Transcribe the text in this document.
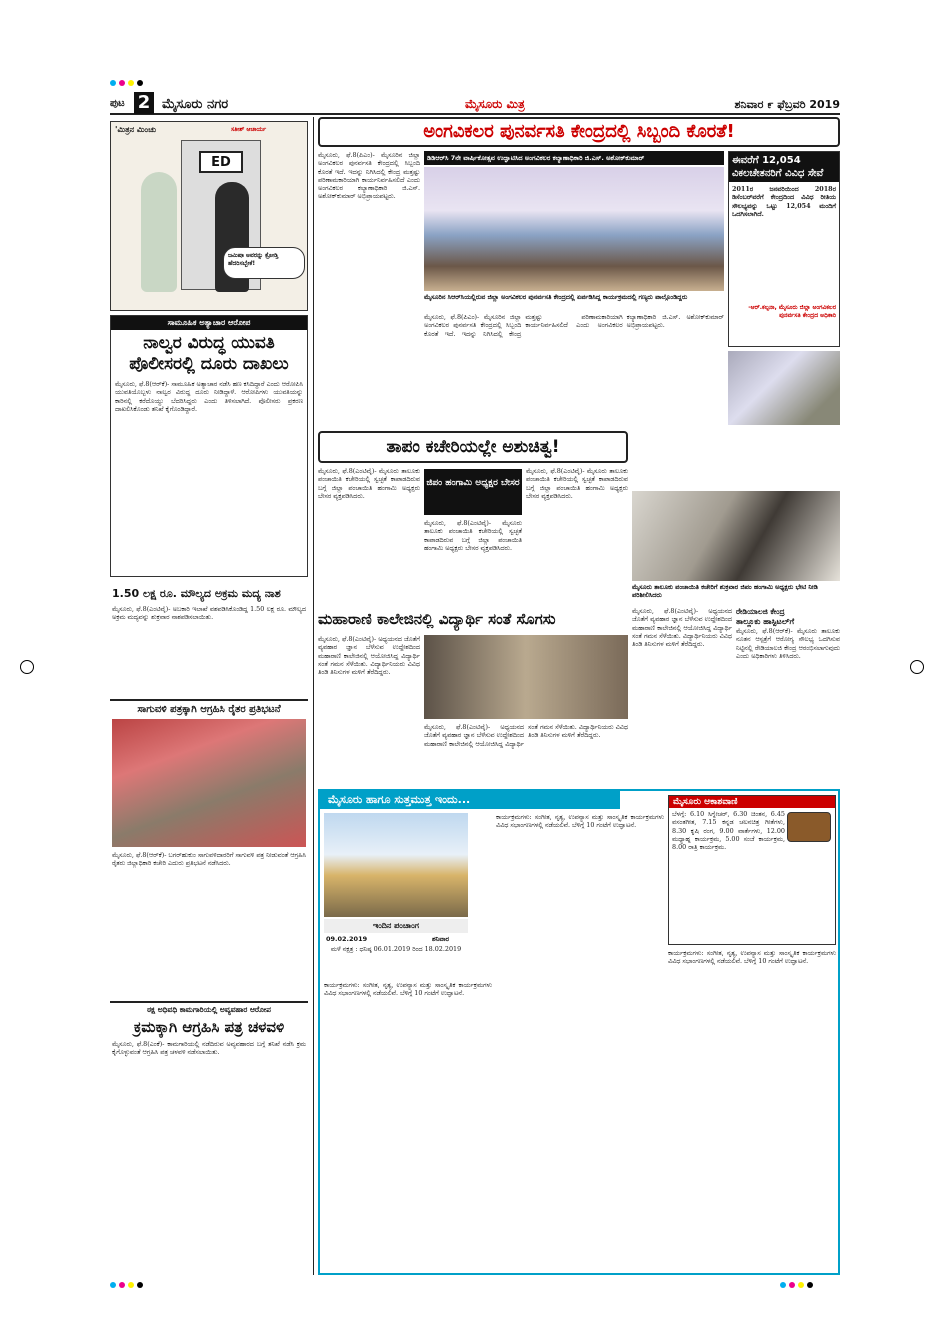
ಪುಟ 2 ಮೈಸೂರು ನಗರ	ಮೈಸೂರು ಮಿತ್ರ	ಶನಿವಾರ ೯ ಫೆಬ್ರವರಿ 2019
'ಮಿತ್ರನ ಮಿಂಚು	ಸತೀಶ್ ಆಚಾರ್ಯ
ED
ಜಮಿಷಾ ಅವರನ್ನು ಕ್ರೋಡ್ತಿ ಹೆದರಿಸಬ್ಬೇಕೆ!
ಸಾಮೂಹಿಕ ಅತ್ಯಾಚಾರ ಆರೋಪ
ನಾಲ್ವರ ವಿರುದ್ಧ ಯುವತಿ ಪೊಲೀಸರಲ್ಲಿ ದೂರು ದಾಖಲು
ಮೈಸೂರು, ಫೆ.8(ಆರ್‌ಕೆ)- ಸಾಮೂಹಿಕ ಅತ್ಯಾಚಾರ ನಡೆಸಿ ಹಣ ಕಸಿದಿದ್ದಾರೆ ಎಂದು ಆರೋಪಿಸಿ ಯುವತಿಯೊಬ್ಬಳು ನಾಲ್ವರ ವಿರುದ್ಧ ದೂರು ನೀಡಿದ್ದಾಳೆ. ಆರೋಪಿಗಳು ಯುವತಿಯನ್ನು ಕಾರಿನಲ್ಲಿ ಕರೆದೊಯ್ದು ಬೆದರಿಸಿದ್ದರು ಎಂದು ತಿಳಿಸಲಾಗಿದೆ. ಪೊಲೀಸರು ಪ್ರಕರಣ ದಾಖಲಿಸಿಕೊಂಡು ತನಿಖೆ ಕೈಗೊಂಡಿದ್ದಾರೆ.
1.50 ಲಕ್ಷ ರೂ. ಮೌಲ್ಯದ ಅಕ್ರಮ ಮದ್ಯ ನಾಶ
ಮೈಸೂರು, ಫೆ.8(ಎಂಟಿವೈ)- ಅಬಕಾರಿ ಇಲಾಖೆ ವಶಪಡಿಸಿಕೊಂಡಿದ್ದ 1.50 ಲಕ್ಷ ರೂ. ಮೌಲ್ಯದ ಅಕ್ರಮ ಮದ್ಯವನ್ನು ಶುಕ್ರವಾರ ನಾಶಪಡಿಸಲಾಯಿತು.
ಸಾಗುವಳಿ ಪತ್ರಕ್ಕಾಗಿ ಆಗ್ರಹಿಸಿ ರೈತರ ಪ್ರತಿಭಟನೆ
ಮೈಸೂರು, ಫೆ.8(ಆರ್‌ಕೆ)- ಬಗರ್‌ಹುಕುಂ ಸಾಗುವಳಿದಾರರಿಗೆ ಸಾಗುವಳಿ ಪತ್ರ ನೀಡುವಂತೆ ಆಗ್ರಹಿಸಿ ರೈತರು ಜಿಲ್ಲಾಧಿಕಾರಿ ಕಚೇರಿ ಎದುರು ಪ್ರತಿಭಟನೆ ನಡೆಸಿದರು.
ಠಕ್ಷ ಅಧಿವಧಿ ಕಾಮಗಾರಿಯಲ್ಲಿ ಅವ್ಯವಹಾರ ಆರೋಪ
ಕ್ರಮಕ್ಕಾಗಿ ಆಗ್ರಹಿಸಿ ಪತ್ರ ಚಳವಳಿ
ಮೈಸೂರು, ಫೆ.8(ಎಂಕೆ)- ಕಾಮಗಾರಿಯಲ್ಲಿ ನಡೆದಿರುವ ಅವ್ಯವಹಾರದ ಬಗ್ಗೆ ತನಿಖೆ ನಡೆಸಿ ಕ್ರಮ ಕೈಗೊಳ್ಳುವಂತೆ ಆಗ್ರಹಿಸಿ ಪತ್ರ ಚಳವಳಿ ನಡೆಸಲಾಯಿತು.
ಅಂಗವಿಕಲರ ಪುನರ್ವಸತಿ ಕೇಂದ್ರದಲ್ಲಿ ಸಿಬ್ಬಂದಿ ಕೊರತೆ!
ಮೈಸೂರು, ಫೆ.8(ಪಿಎಂ)- ಮೈಸೂರಿನ ಜಿಲ್ಲಾ ಅಂಗವಿಕಲರ ಪುನರ್ವಸತಿ ಕೇಂದ್ರದಲ್ಲಿ ಸಿಬ್ಬಂದಿ ಕೊರತೆ ಇದೆ. ಇದನ್ನು ನಿಗಿಸಿದಲ್ಲಿ ಕೇಂದ್ರ ಮತ್ತಷ್ಟು ಪರಿಣಾಮಕಾರಿಯಾಗಿ ಕಾರ್ಯನಿರ್ವಹಿಸಲಿದೆ ಎಂದು ಅಂಗವಿಕಲರ ಕಲ್ಯಾಣಾಧಿಕಾರಿ ಜಿ.ಎಸ್. ಅಶೋಕ್‌ಕುಮಾರ್ ಅಭಿಪ್ರಾಯಪಟ್ಟರು.
ಡಿಡಿಆರ್‌ಸಿ 7ನೇ ವಾರ್ಷಿಕೋತ್ಸವ ಉದ್ಘಾಟಿಸಿದ ಅಂಗವಿಕಲರ ಕಲ್ಯಾಣಾಧಿಕಾರಿ ಜಿ.ಎಸ್. ಅಶೋಕ್‌ಕುಮಾರ್
ಮೈಸೂರಿನ ಸಿಆರ್‌ಸಿಯಲ್ಲಿರುವ ಜಿಲ್ಲಾ ಅಂಗವಿಕಲರ ಪುನರ್ವಸತಿ ಕೇಂದ್ರದಲ್ಲಿ ಏರ್ಪಡಿಸಿದ್ದ ಕಾರ್ಯಕ್ರಮದಲ್ಲಿ ಗಣ್ಯರು ಪಾಲ್ಗೊಂಡಿದ್ದರು
ಮೈಸೂರು, ಫೆ.8(ಪಿಎಂ)- ಮೈಸೂರಿನ ಜಿಲ್ಲಾ ಅಂಗವಿಕಲರ ಪುನರ್ವಸತಿ ಕೇಂದ್ರದಲ್ಲಿ ಸಿಬ್ಬಂದಿ ಕೊರತೆ ಇದೆ. ಇದನ್ನು ನಿಗಿಸಿದಲ್ಲಿ ಕೇಂದ್ರ ಮತ್ತಷ್ಟು ಪರಿಣಾಮಕಾರಿಯಾಗಿ ಕಾರ್ಯನಿರ್ವಹಿಸಲಿದೆ ಎಂದು ಅಂಗವಿಕಲರ ಕಲ್ಯಾಣಾಧಿಕಾರಿ ಜಿ.ಎಸ್. ಅಶೋಕ್‌ಕುಮಾರ್ ಅಭಿಪ್ರಾಯಪಟ್ಟರು.
ಈವರೆಗೆ 12,054 ವಿಕಲಚೇತನರಿಗೆ ವಿವಿಧ ಸೇವೆ
2011ರ ಜನವರಿಯಿಂದ 2018ರ ಡಿಸೆಂಬರ್‌ವರೆಗೆ ಕೇಂದ್ರದಿಂದ ವಿವಿಧ ರೀತಿಯ ಸೌಲಭ್ಯವನ್ನು ಒಟ್ಟು 12,054 ಮಂದಿಗೆ ಒದಗಿಸಲಾಗಿದೆ.
-ಆರ್.ಕಲ್ಪನಾ, ಮೈಸೂರು ಜಿಲ್ಲಾ ಅಂಗವಿಕಲರ ಪುನರ್ವಸತಿ ಕೇಂದ್ರದ ಅಧಿಕಾರಿ
ತಾಪಂ ಕಚೇರಿಯಲ್ಲೇ ಅಶುಚಿತ್ವ!
ಮೈಸೂರು, ಫೆ.8(ಎಂಟಿವೈ)- ಮೈಸೂರು ತಾಲೂಕು ಪಂಚಾಯಿತಿ ಕಚೇರಿಯಲ್ಲಿ ಸ್ವಚ್ಛತೆ ಕಾಪಾಡದಿರುವ ಬಗ್ಗೆ ಜಿಲ್ಲಾ ಪಂಚಾಯಿತಿ ಹಂಗಾಮಿ ಅಧ್ಯಕ್ಷರು ಬೇಸರ ವ್ಯಕ್ತಪಡಿಸಿದರು.
ಜಿಪಂ ಹಂಗಾಮಿ ಅಧ್ಯಕ್ಷರ ಬೇಸರ
ಮೈಸೂರು, ಫೆ.8(ಎಂಟಿವೈ)- ಮೈಸೂರು ತಾಲೂಕು ಪಂಚಾಯಿತಿ ಕಚೇರಿಯಲ್ಲಿ ಸ್ವಚ್ಛತೆ ಕಾಪಾಡದಿರುವ ಬಗ್ಗೆ ಜಿಲ್ಲಾ ಪಂಚಾಯಿತಿ ಹಂಗಾಮಿ ಅಧ್ಯಕ್ಷರು ಬೇಸರ ವ್ಯಕ್ತಪಡಿಸಿದರು.
ಮೈಸೂರು, ಫೆ.8(ಎಂಟಿವೈ)- ಮೈಸೂರು ತಾಲೂಕು ಪಂಚಾಯಿತಿ ಕಚೇರಿಯಲ್ಲಿ ಸ್ವಚ್ಛತೆ ಕಾಪಾಡದಿರುವ ಬಗ್ಗೆ ಜಿಲ್ಲಾ ಪಂಚಾಯಿತಿ ಹಂಗಾಮಿ ಅಧ್ಯಕ್ಷರು ಬೇಸರ ವ್ಯಕ್ತಪಡಿಸಿದರು.
ಮೈಸೂರು ತಾಲೂಕು ಪಂಚಾಯಿತಿ ಕಚೇರಿಗೆ ಶುಕ್ರವಾರ ಜಿಪಂ ಹಂಗಾಮಿ ಅಧ್ಯಕ್ಷರು ಭೇಟಿ ನೀಡಿ ಪರಿಶೀಲಿಸಿದರು
ಮಹಾರಾಣಿ ಕಾಲೇಜಿನಲ್ಲಿ ವಿದ್ಯಾರ್ಥಿ ಸಂತೆ ಸೊಗಸು
ಮೈಸೂರು, ಫೆ.8(ಎಂಟಿವೈ)- ಅಧ್ಯಯನದ ಜೊತೆಗೆ ವ್ಯವಹಾರ ಜ್ಞಾನ ಬೆಳೆಸುವ ಉದ್ದೇಶದಿಂದ ಮಹಾರಾಣಿ ಕಾಲೇಜಿನಲ್ಲಿ ಆಯೋಜಿಸಿದ್ದ ವಿದ್ಯಾರ್ಥಿ ಸಂತೆ ಗಮನ ಸೆಳೆಯಿತು. ವಿದ್ಯಾರ್ಥಿನಿಯರು ವಿವಿಧ ತಿಂಡಿ ತಿನಿಸುಗಳ ಮಳಿಗೆ ತೆರೆದಿದ್ದರು.
ಮೈಸೂರು, ಫೆ.8(ಎಂಟಿವೈ)- ಅಧ್ಯಯನದ ಜೊತೆಗೆ ವ್ಯವಹಾರ ಜ್ಞಾನ ಬೆಳೆಸುವ ಉದ್ದೇಶದಿಂದ ಮಹಾರಾಣಿ ಕಾಲೇಜಿನಲ್ಲಿ ಆಯೋಜಿಸಿದ್ದ ವಿದ್ಯಾರ್ಥಿ ಸಂತೆ ಗಮನ ಸೆಳೆಯಿತು. ವಿದ್ಯಾರ್ಥಿನಿಯರು ವಿವಿಧ ತಿಂಡಿ ತಿನಿಸುಗಳ ಮಳಿಗೆ ತೆರೆದಿದ್ದರು.
ಮೈಸೂರು, ಫೆ.8(ಎಂಟಿವೈ)- ಅಧ್ಯಯನದ ಜೊತೆಗೆ ವ್ಯವಹಾರ ಜ್ಞಾನ ಬೆಳೆಸುವ ಉದ್ದೇಶದಿಂದ ಮಹಾರಾಣಿ ಕಾಲೇಜಿನಲ್ಲಿ ಆಯೋಜಿಸಿದ್ದ ವಿದ್ಯಾರ್ಥಿ ಸಂತೆ ಗಮನ ಸೆಳೆಯಿತು. ವಿದ್ಯಾರ್ಥಿನಿಯರು ವಿವಿಧ ತಿಂಡಿ ತಿನಿಸುಗಳ ಮಳಿಗೆ ತೆರೆದಿದ್ದರು.
ರೇಡಿಯಾಲಜಿ ಕೇಂದ್ರ
ತಾಲ್ಲೂಕು ಹಾಸ್ಪಿಟಲ್‌ಗೆ
ಮೈಸೂರು, ಫೆ.8(ಆರ್‌ಕೆ)- ಮೈಸೂರು ತಾಲೂಕು ನೂತನ ಆಸ್ಪತ್ರೆಗೆ ಆರೋಗ್ಯ ಸೌಲಭ್ಯ ಒದಗಿಸುವ ನಿಟ್ಟಿನಲ್ಲಿ ರೇಡಿಯಾಲಜಿ ಕೇಂದ್ರ ಆರಂಭಿಸಲಾಗುವುದು ಎಂದು ಅಧಿಕಾರಿಗಳು ತಿಳಿಸಿದರು.
ಮೈಸೂರು ಹಾಗೂ ಸುತ್ತಮುತ್ತ ಇಂದು...
ಇಂದಿನ ಪಂಚಾಂಗ
09.02.2019	ಶನಿವಾರ
ಮಳೆ ನಕ್ಷತ್ರ : ಧನಿಷ್ಠ 06.01.2019 ರಿಂದ 18.02.2019
ಕಾರ್ಯಕ್ರಮಗಳು: ಸಂಗೀತ, ನೃತ್ಯ, ಉಪನ್ಯಾಸ ಮತ್ತು ಸಾಂಸ್ಕೃತಿಕ ಕಾರ್ಯಕ್ರಮಗಳು ವಿವಿಧ ಸಭಾಂಗಣಗಳಲ್ಲಿ ನಡೆಯಲಿವೆ. ಬೆಳಿಗ್ಗೆ 10 ಗಂಟೆಗೆ ಉದ್ಘಾಟನೆ.
ಕಾರ್ಯಕ್ರಮಗಳು: ಸಂಗೀತ, ನೃತ್ಯ, ಉಪನ್ಯಾಸ ಮತ್ತು ಸಾಂಸ್ಕೃತಿಕ ಕಾರ್ಯಕ್ರಮಗಳು ವಿವಿಧ ಸಭಾಂಗಣಗಳಲ್ಲಿ ನಡೆಯಲಿವೆ. ಬೆಳಿಗ್ಗೆ 10 ಗಂಟೆಗೆ ಉದ್ಘಾಟನೆ.
ಮೈಸೂರು ಆಕಾಶವಾಣಿ
ಬೆಳಗ್ಗೆ: 6.10 ಸಿಗ್ನೇಚರ್, 6.30 ಚಿಂತನ, 6.45 ವಸಂತಗೀತ, 7.15 ಕನ್ನಡ ಚಲನಚಿತ್ರ ಗೀತೆಗಳು, 8.30 ಕೃಷಿ ರಂಗ, 9.00 ವಾರ್ತೆಗಳು, 12.00 ಮಧ್ಯಾಹ್ನ ಕಾರ್ಯಕ್ರಮ, 5.00 ಸಂಜೆ ಕಾರ್ಯಕ್ರಮ, 8.00 ರಾತ್ರಿ ಕಾರ್ಯಕ್ರಮ.
ಕಾರ್ಯಕ್ರಮಗಳು: ಸಂಗೀತ, ನೃತ್ಯ, ಉಪನ್ಯಾಸ ಮತ್ತು ಸಾಂಸ್ಕೃತಿಕ ಕಾರ್ಯಕ್ರಮಗಳು ವಿವಿಧ ಸಭಾಂಗಣಗಳಲ್ಲಿ ನಡೆಯಲಿವೆ. ಬೆಳಿಗ್ಗೆ 10 ಗಂಟೆಗೆ ಉದ್ಘಾಟನೆ.
